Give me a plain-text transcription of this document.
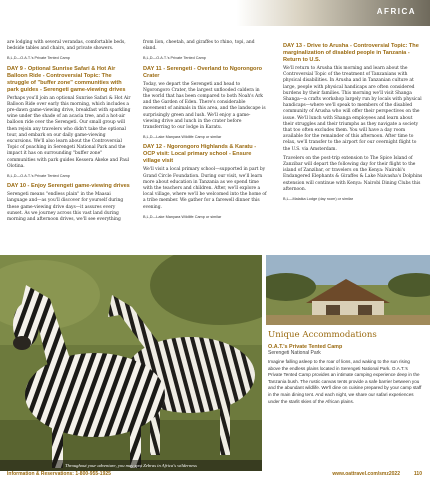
AFRICA

are lodging with several verandas, comfortable beds, bedside tables and chairs, and private showers.

B,L,D—O.A.T.'s Private Tented Camp
DAY 9 - Optional Sunrise Safari & Hot Air Balloon Ride - Controversial Topic: The struggle of "buffer zone" communities with park guides - Serengeti game-viewing drives

Perhaps you'll join an optional Sunrise Safari & Hot Air Balloon Ride over early this morning, which includes a pre-dawn game-viewing drive, breakfast with sparkling wine under the shade of an acacia tree, and a hot-air balloon ride over the Serengeti. Our small group will then rejoin any travelers who didn't take the optional tour, and embark on our daily game-viewing excursions. We'll also learn about the Controversial Topic of poaching in Serengeti National Park and the impact it has on surrounding "buffer zone" communities with park guides Kessera Akeke and Paul Olotina.

B,L,D—O.A.T.'s Private Tented Camp
DAY 10 - Enjoy Serengeti game-viewing drives

Serengeti means "endless plain" in the Maasai language and—as you'll discover for yourself during these game-viewing drive days—it assures every sunset. As we journey across this vast land during morning and afternoon drives, we'll see everything

from lion, cheetah, and giraffes to rhino, topi, and eland.

B,L,D—O.A.T.'s Private Tented Camp
DAY 11 - Serengeti - Overland to Ngorongoro Crater

Today, we depart the Serengeti and head to Ngorongoro Crater, the largest unflooded caldera in the world that has been compared to both Noah's Ark and the Garden of Eden. There's considerable movement of animals in this area, and the landscape is surprisingly green and lush. We'll enjoy a game-viewing drive and lunch in the crater before transferring to our lodge in Karatu.

B,L,D—Lake Manyara Wildlife Camp or similar
DAY 12 - Ngorongoro Highlands & Karatu - OCP visit: Local primary school - Ensure village visit

We'll visit a local primary school—supported in part by Grand Circle Foundation. During our visit, we'll learn more about education in Tanzania as we spend time with the teachers and children. After, we'll explore a local village, where we'll be welcomed into the home of a tribe member. We gather for a farewell dinner this evening.

B,L,D—Lake Manyara Wildlife Camp or similar
DAY 13 - Drive to Arusha - Controversial Topic: The marginalization of disabled people in Tanzania - Return to U.S.

We'll return to Arusha this morning and learn about the Controversial Topic of the treatment of Tanzanians with physical disabilities. In Arusha and in Tanzanian culture at large, people with physical handicaps are often considered burdens by their families. This morning we'll visit Shanga Shanga—a crafts workshop largely run by locals with physical handicaps—where we'll speak to members of the disabled community of Arusha who will offer their perspectives on the issue. We'll lunch with Shanga employees and learn about their struggles and their triumphs as they navigate a society that too often excludes them. You will have a day room available for the remainder of this afternoon. After time to relax, we'll transfer to the airport for our overnight flight to the U.S. via Amsterdam.

Travelers on the post-trip extension to The Spice Island of Zanzibar will depart the following day for their flight to the island of Zanzibar, or travelers on the Kenya: Nairobi's Endangered Elephants & Giraffes & Lake Naivasha's Dolphins extension will continue with Kenya: Nairobi Dining Clubs this afternoon.

B,L—Malaika Lodge (day room) or similar
Throughout your adventure, you may spot Zebras in Africa's wilderness
Unique Accommodations
O.A.T.'s Private Tented Camp
Serengeti National Park

Imagine falling asleep to the roar of lions, and waking to the sun rising above the endless plains located in Serengeti National Park. O.A.T.'s Private Tented Camp provides an intimate camping experience deep in the Tanzania bush. The rustic canvas tents provide a safe barrier between you and the abundant wildlife. We'll dine on cuisine prepared by your camp staff in the main dining tent. And each night, we share our safari experiences under the starlit skies of the African plains.

Information & Reservations: 1-800-955-1925	www.oattravel.com/smz2022	110
